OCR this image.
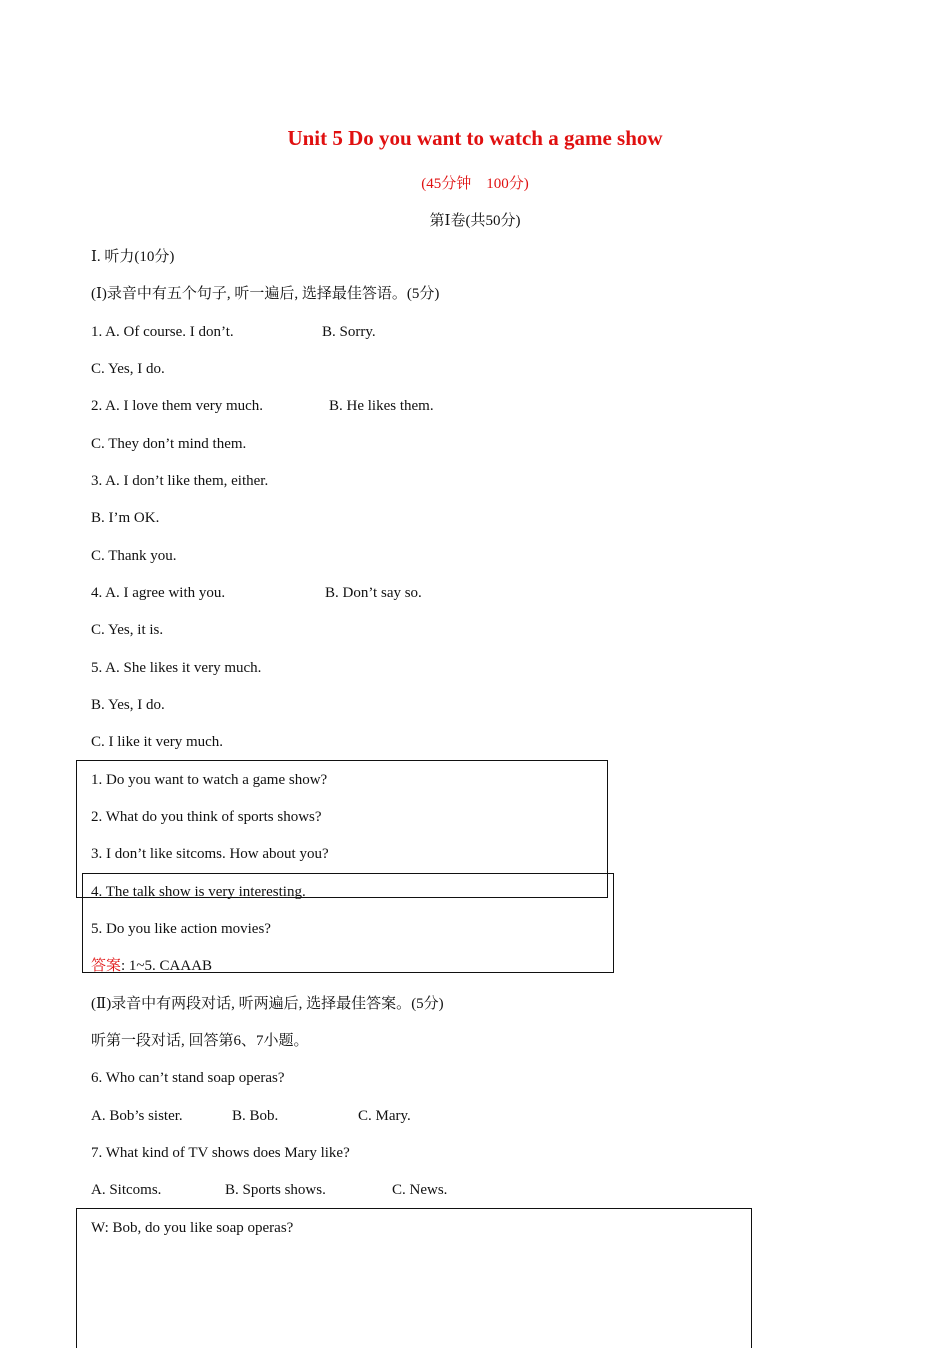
Unit 5 Do you want to watch a game show
(45分钟    100分)
第Ⅰ卷(共50分)
Ⅰ. 听力(10分)
(Ⅰ)录音中有五个句子, 听一遍后, 选择最佳答语。(5分)
1. A. Of course. I don’t.	B. Sorry.
C. Yes, I do.
2. A. I love them very much.	B. He likes them.
C. They don’t mind them.
3. A. I don’t like them, either.
B. I’m OK.
C. Thank you.
4. A. I agree with you.	B. Don’t say so.
C. Yes, it is.
5. A. She likes it very much.
B. Yes, I do.
C. I like it very much.
1. Do you want to watch a game show?
2. What do you think of sports shows?
3. I don’t like sitcoms. How about you?
4. The talk show is very interesting.
5. Do you like action movies?
答案: 1~5. CAAAB
(Ⅱ)录音中有两段对话, 听两遍后, 选择最佳答案。(5分)
听第一段对话, 回答第6、7小题。
6. Who can’t stand soap operas?
A. Bob’s sister.	B. Bob.	C. Mary.
7. What kind of TV shows does Mary like?
A. Sitcoms.	B. Sports shows.	C. News.
W: Bob, do you like soap operas?
